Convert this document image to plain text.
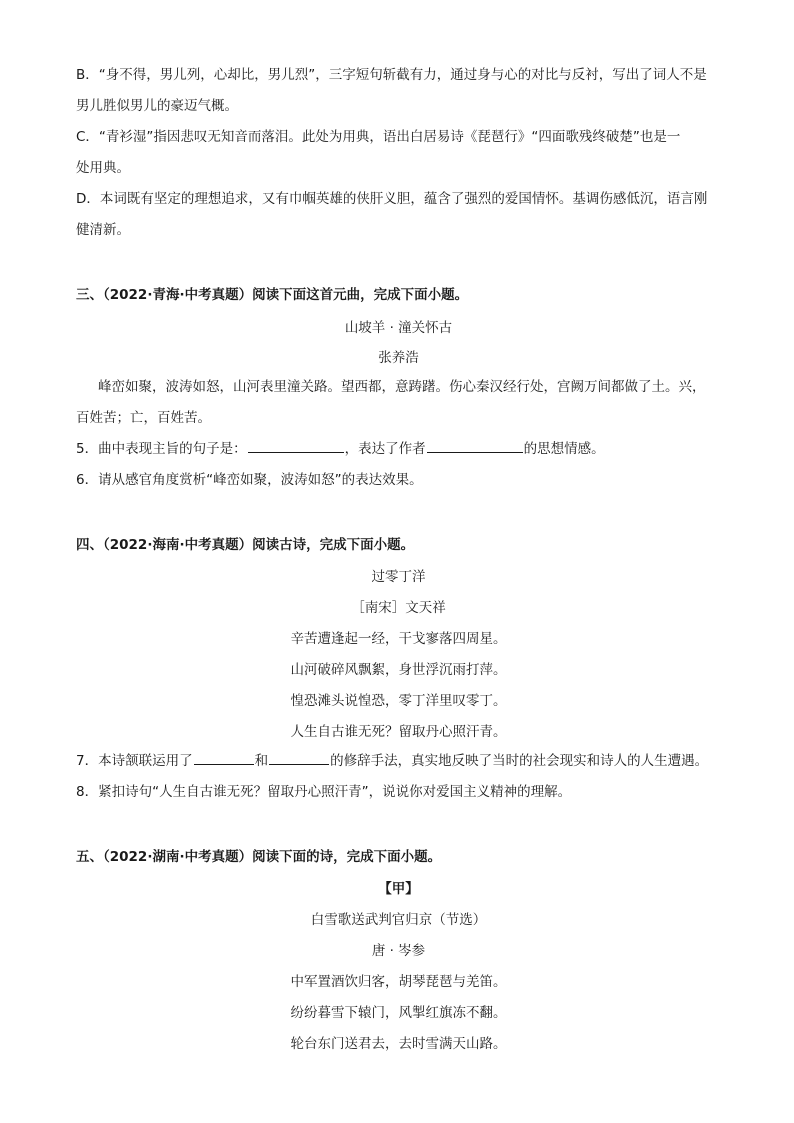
B．“身不得，男儿列，心却比，男儿烈”，三字短句斩截有力，通过身与心的对比与反衬，写出了词人不是
男儿胜似男儿的豪迈气概。
C．“青衫湿”指因悲叹无知音而落泪。此处为用典，语出白居易诗《琵琶行》“四面歌残终破楚”也是一
处用典。
D．本词既有坚定的理想追求，又有巾帼英雄的侠肝义胆，蕴含了强烈的爱国情怀。基调伤感低沉，语言刚
健清新。
三、（2022·青海·中考真题）阅读下面这首元曲，完成下面小题。
山坡羊 · 潼关怀古
张养浩
峰峦如聚，波涛如怒，山河表里潼关路。望西都，意踌躇。伤心秦汉经行处，宫阙万间都做了土。兴，
百姓苦；亡，百姓苦。
5．曲中表现主旨的句子是：	，表达了作者	的思想情感。
6．请从感官角度赏析“峰峦如聚，波涛如怒”的表达效果。
四、（2022·海南·中考真题）阅读古诗，完成下面小题。
过零丁洋
［南宋］文天祥
辛苦遭逢起一经，干戈寥落四周星。
山河破碎风飘絮，身世浮沉雨打萍。
惶恐滩头说惶恐，零丁洋里叹零丁。
人生自古谁无死？留取丹心照汗青。
7．本诗颔联运用了	和	的修辞手法，真实地反映了当时的社会现实和诗人的人生遭遇。
8．紧扣诗句“人生自古谁无死？留取丹心照汗青”，说说你对爱国主义精神的理解。
五、（2022·湖南·中考真题）阅读下面的诗，完成下面小题。
【甲】
白雪歌送武判官归京（节选）
唐 · 岑参
中军置酒饮归客，胡琴琵琶与羌笛。
纷纷暮雪下辕门，风掣红旗冻不翻。
轮台东门送君去，去时雪满天山路。
